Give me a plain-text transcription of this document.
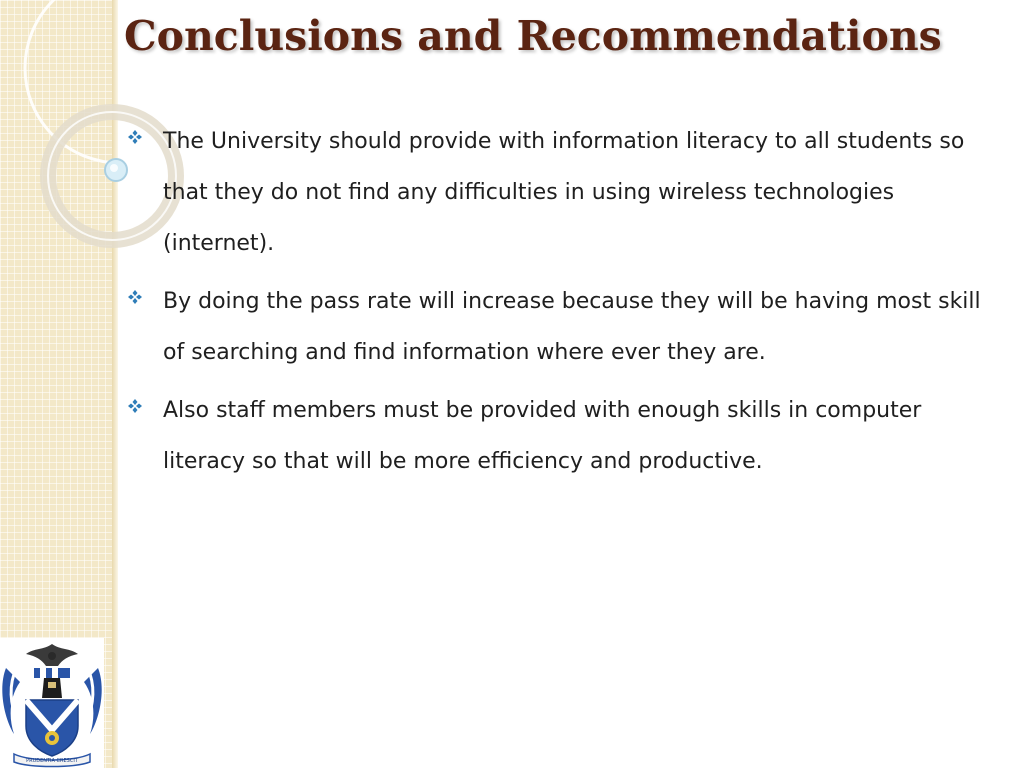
Conclusions and Recommendations
The University should provide with information literacy to all students so that they do not find any difficulties in using wireless technologies (internet).
By doing the pass rate will increase because they will be having most skill of searching and find information where ever they are.
Also staff members must be provided with enough skills in computer literacy so that will be more efficiency and productive.
PRUDENTIA CRESCIT
